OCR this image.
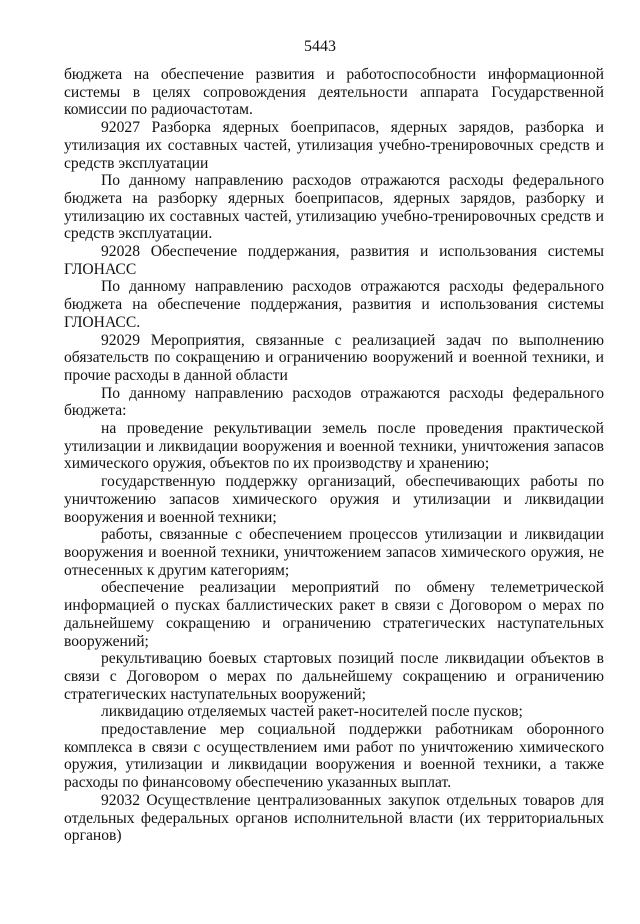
5443

бюджета на обеспечение развития и работоспособности информационной системы в целях сопровождения деятельности аппарата Государственной комиссии по радиочастотам.

92027 Разборка ядерных боеприпасов, ядерных зарядов, разборка и утилизация их составных частей, утилизация учебно-тренировочных средств и средств эксплуатации

По данному направлению расходов отражаются расходы федерального бюджета на разборку ядерных боеприпасов, ядерных зарядов, разборку и утилизацию их составных частей, утилизацию учебно-тренировочных средств и средств эксплуатации.

92028 Обеспечение поддержания, развития и использования системы ГЛОНАСС

По данному направлению расходов отражаются расходы федерального бюджета на обеспечение поддержания, развития и использования системы ГЛОНАСС.

92029 Мероприятия, связанные с реализацией задач по выполнению обязательств по сокращению и ограничению вооружений и военной техники, и прочие расходы в данной области

По данному направлению расходов отражаются расходы федерального бюджета:

на проведение рекультивации земель после проведения практической утилизации и ликвидации вооружения и военной техники, уничтожения запасов химического оружия, объектов по их производству и хранению;

государственную поддержку организаций, обеспечивающих работы по уничтожению запасов химического оружия и утилизации и ликвидации вооружения и военной техники;

работы, связанные с обеспечением процессов утилизации и ликвидации вооружения и военной техники, уничтожением запасов химического оружия, не отнесенных к другим категориям;

обеспечение реализации мероприятий по обмену телеметрической информацией о пусках баллистических ракет в связи с Договором о мерах по дальнейшему сокращению и ограничению стратегических наступательных вооружений;

рекультивацию боевых стартовых позиций после ликвидации объектов в связи с Договором о мерах по дальнейшему сокращению и ограничению стратегических наступательных вооружений;

ликвидацию отделяемых частей ракет-носителей после пусков;

предоставление мер социальной поддержки работникам оборонного комплекса в связи с осуществлением ими работ по уничтожению химического оружия, утилизации и ликвидации вооружения и военной техники, а также расходы по финансовому обеспечению указанных выплат.

92032 Осуществление централизованных закупок отдельных товаров для отдельных федеральных органов исполнительной власти (их территориальных органов)
